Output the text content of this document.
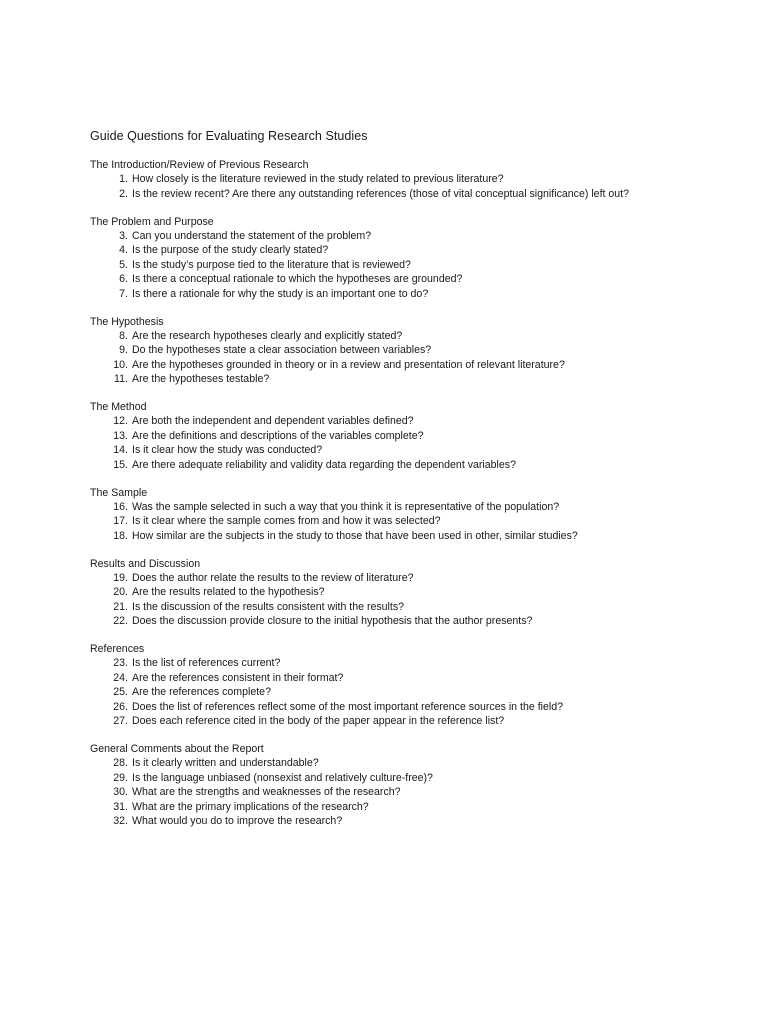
Guide Questions for Evaluating Research Studies
The Introduction/Review of Previous Research
1. How closely is the literature reviewed in the study related to previous literature?
2. Is the review recent? Are there any outstanding references (those of vital conceptual significance) left out?
The Problem and Purpose
3. Can you understand the statement of the problem?
4. Is the purpose of the study clearly stated?
5. Is the study’s purpose tied to the literature that is reviewed?
6. Is there a conceptual rationale to which the hypotheses are grounded?
7. Is there a rationale for why the study is an important one to do?
The Hypothesis
8. Are the research hypotheses clearly and explicitly stated?
9. Do the hypotheses state a clear association between variables?
10. Are the hypotheses grounded in theory or in a review and presentation of relevant literature?
11. Are the hypotheses testable?
The Method
12. Are both the independent and dependent variables defined?
13. Are the definitions and descriptions of the variables complete?
14. Is it clear how the study was conducted?
15. Are there adequate reliability and validity data regarding the dependent variables?
The Sample
16. Was the sample selected in such a way that you think it is representative of the population?
17. Is it clear where the sample comes from and how it was selected?
18. How similar are the subjects in the study to those that have been used in other, similar studies?
Results and Discussion
19. Does the author relate the results to the review of literature?
20. Are the results related to the hypothesis?
21. Is the discussion of the results consistent with the results?
22. Does the discussion provide closure to the initial hypothesis that the author presents?
References
23. Is the list of references current?
24. Are the references consistent in their format?
25. Are the references complete?
26. Does the list of references reflect some of the most important reference sources in the field?
27. Does each reference cited in the body of the paper appear in the reference list?
General Comments about the Report
28. Is it clearly written and understandable?
29. Is the language unbiased (nonsexist and relatively culture-free)?
30. What are the strengths and weaknesses of the research?
31. What are the primary implications of the research?
32. What would you do to improve the research?
